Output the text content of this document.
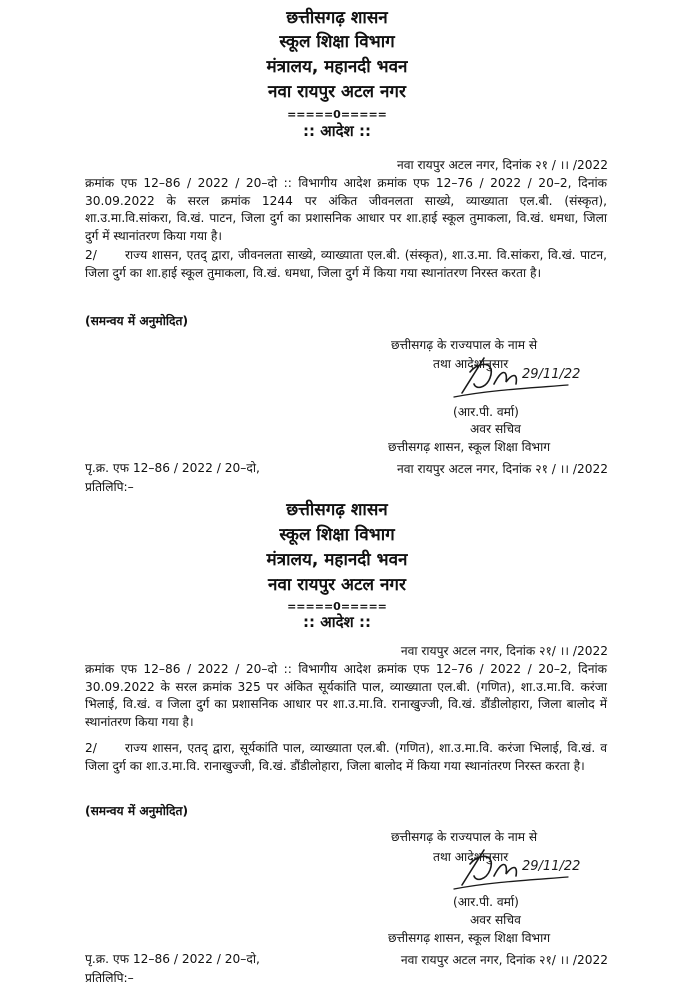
छत्तीसगढ़ शासन
स्कूल शिक्षा विभाग
मंत्रालय, महानदी भवन
नवा रायपुर अटल नगर
=====0=====
:: आदेश ::
नवा रायपुर अटल नगर, दिनांक २१ / ।। /2022
क्रमांक एफ 12–86 / 2022 / 20–दो :: विभागीय आदेश क्रमांक एफ 12–76 / 2022 / 20–2, दिनांक 30.09.2022 के सरल क्रमांक 1244 पर अंकित जीवनलता साख्ये, व्याख्याता एल.बी. (संस्कृत), शा.उ.मा.वि.सांकरा, वि.खं. पाटन, जिला दुर्ग का प्रशासनिक आधार पर शा.हाई स्कूल तुमाकला, वि.खं. धमधा, जिला दुर्ग में स्थानांतरण किया गया है।
2/ राज्य शासन, एतद् द्वारा, जीवनलता साख्ये, व्याख्याता एल.बी. (संस्कृत), शा.उ.मा. वि.सांकरा, वि.खं. पाटन, जिला दुर्ग का शा.हाई स्कूल तुमाकला, वि.खं. धमधा, जिला दुर्ग में किया गया स्थानांतरण निरस्त करता है।
(समन्वय में अनुमोदित)
छत्तीसगढ़ के राज्यपाल के नाम से
तथा आदेशानुसार
29/11/22
(आर.पी. वर्मा)
अवर सचिव
छत्तीसगढ़ शासन, स्कूल शिक्षा विभाग
पृ.क्र. एफ 12–86 / 2022 / 20–दो,	नवा रायपुर अटल नगर, दिनांक २१ / ।। /2022
प्रतिलिपि:–
छत्तीसगढ़ शासन
स्कूल शिक्षा विभाग
मंत्रालय, महानदी भवन
नवा रायपुर अटल नगर
=====0=====
:: आदेश ::
नवा रायपुर अटल नगर, दिनांक २१/ ।। /2022
क्रमांक एफ 12–86 / 2022 / 20–दो :: विभागीय आदेश क्रमांक एफ 12–76 / 2022 / 20–2, दिनांक 30.09.2022 के सरल क्रमांक 325 पर अंकित सूर्यकांति पाल, व्याख्याता एल.बी. (गणित), शा.उ.मा.वि. करंजा भिलाई, वि.खं. व जिला दुर्ग का प्रशासनिक आधार पर शा.उ.मा.वि. रानाखुज्जी, वि.खं. डौंडीलोहारा, जिला बालोद में स्थानांतरण किया गया है।
2/ राज्य शासन, एतद् द्वारा, सूर्यकांति पाल, व्याख्याता एल.बी. (गणित), शा.उ.मा.वि. करंजा भिलाई, वि.खं. व जिला दुर्ग का शा.उ.मा.वि. रानाखुज्जी, वि.खं. डौंडीलोहारा, जिला बालोद में किया गया स्थानांतरण निरस्त करता है।
(समन्वय में अनुमोदित)
छत्तीसगढ़ के राज्यपाल के नाम से
तथा आदेशानुसार
29/11/22
(आर.पी. वर्मा)
अवर सचिव
छत्तीसगढ़ शासन, स्कूल शिक्षा विभाग
पृ.क्र. एफ 12–86 / 2022 / 20–दो,	नवा रायपुर अटल नगर, दिनांक २१/ ।। /2022
प्रतिलिपि:–
